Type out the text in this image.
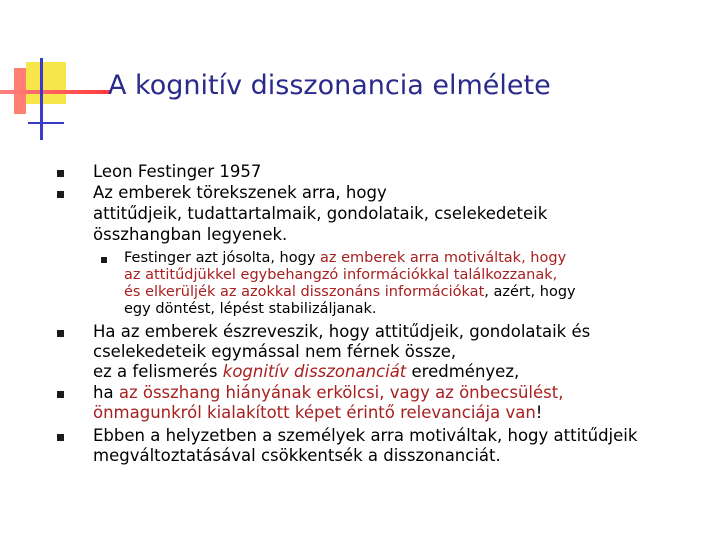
A kognitív disszonancia elmélete
Leon Festinger 1957
Az emberek törekszenek arra, hogy
attitűdjeik, tudattartalmaik, gondolataik, cselekedeteik
összhangban legyenek.
Festinger azt jósolta, hogy az emberek arra motiváltak, hogy
az attitűdjükkel egybehangzó információkkal találkozzanak,
és elkerüljék az azokkal disszonáns információkat, azért, hogy
egy döntést, lépést stabilizáljanak.
Ha az emberek észreveszik, hogy attitűdjeik, gondolataik és
cselekedeteik egymással nem férnek össze,
ez a felismerés kognitív disszonanciát eredményez,
ha az összhang hiányának erkölcsi, vagy az önbecsülést,
önmagunkról kialakított képet érintő relevanciája van!
Ebben a helyzetben a személyek arra motiváltak, hogy attitűdjeik
megváltoztatásával csökkentsék a disszonanciát.
